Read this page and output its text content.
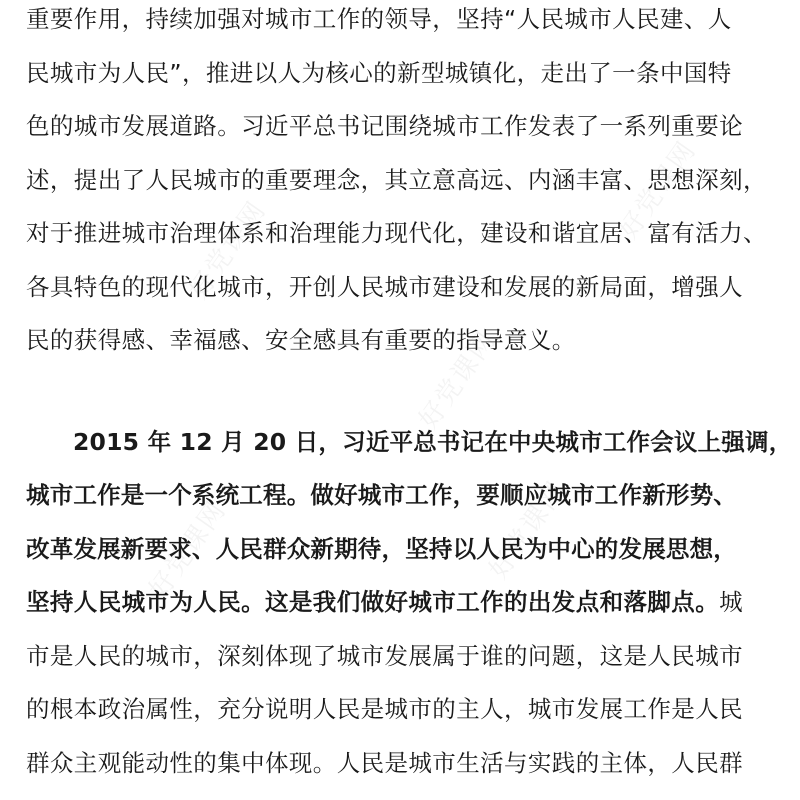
好党课网
好党课网
好党课网	好党课网
好党课网
重要作用，持续加强对城市工作的领导，坚持“人民城市人民建、人
民城市为人民”，推进以人为核心的新型城镇化，走出了一条中国特
色的城市发展道路。习近平总书记围绕城市工作发表了一系列重要论
述，提出了人民城市的重要理念，其立意高远、内涵丰富、思想深刻，
对于推进城市治理体系和治理能力现代化，建设和谐宜居、富有活力、
各具特色的现代化城市，开创人民城市建设和发展的新局面，增强人
民的获得感、幸福感、安全感具有重要的指导意义。
2015 年 12 月 20 日，习近平总书记在中央城市工作会议上强调，
城市工作是一个系统工程。做好城市工作，要顺应城市工作新形势、
改革发展新要求、人民群众新期待，坚持以人民为中心的发展思想，
坚持人民城市为人民。这是我们做好城市工作的出发点和落脚点。城
市是人民的城市，深刻体现了城市发展属于谁的问题，这是人民城市
的根本政治属性，充分说明人民是城市的主人，城市发展工作是人民
群众主观能动性的集中体现。人民是城市生活与实践的主体，人民群
